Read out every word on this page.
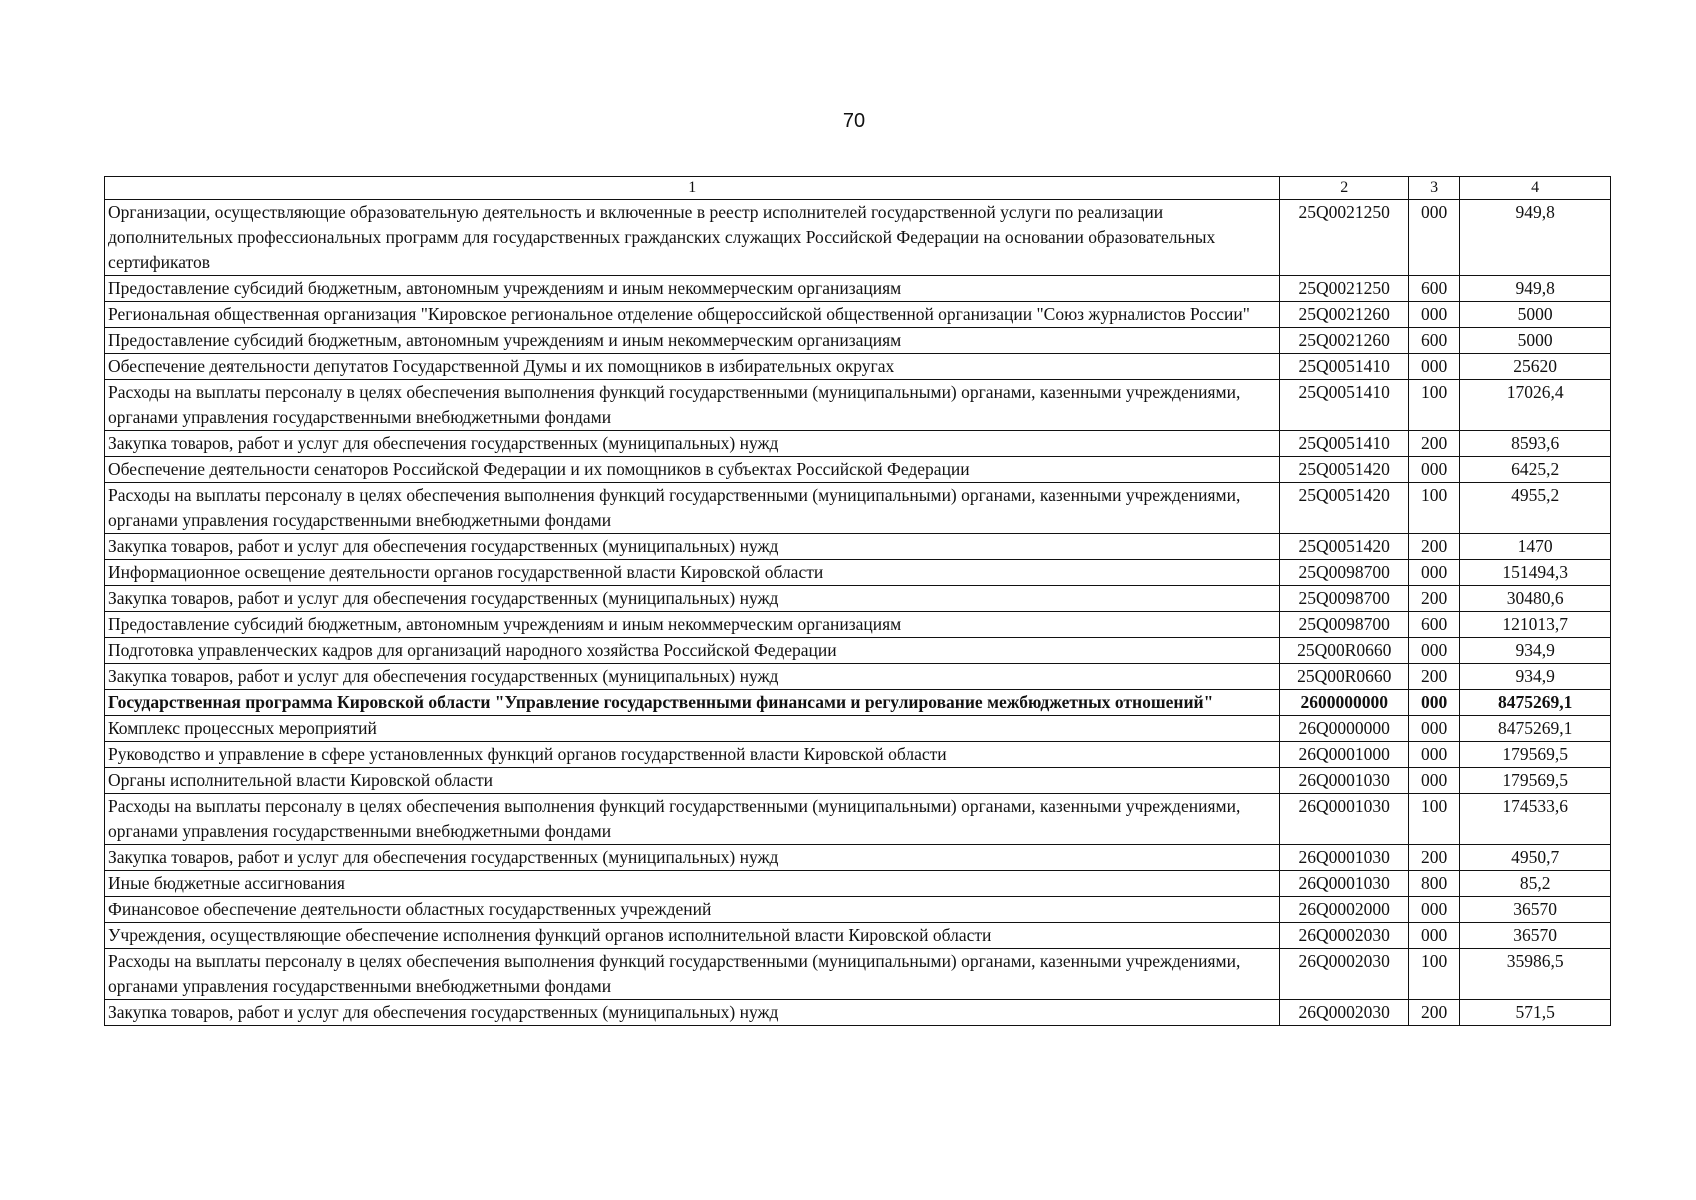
70
1	2	3	4
Организации, осуществляющие образовательную деятельность и включенные в реестр исполнителей государственной услуги по реализации дополнительных профессиональных программ для государственных гражданских служащих Российской Федерации на основании образовательных сертификатов	25Q0021250	000	949,8
Предоставление субсидий бюджетным, автономным учреждениям и иным некоммерческим организациям	25Q0021250	600	949,8
Региональная общественная организация "Кировское региональное отделение общероссийской общественной организации "Союз журналистов России"	25Q0021260	000	5000
Предоставление субсидий бюджетным, автономным учреждениям и иным некоммерческим организациям	25Q0021260	600	5000
Обеспечение деятельности депутатов Государственной Думы и их помощников в избирательных округах	25Q0051410	000	25620
Расходы на выплаты персоналу в целях обеспечения выполнения функций государственными (муниципальными) органами, казенными учреждениями, органами управления государственными внебюджетными фондами	25Q0051410	100	17026,4
Закупка товаров, работ и услуг для обеспечения государственных (муниципальных) нужд	25Q0051410	200	8593,6
Обеспечение деятельности сенаторов Российской Федерации и их помощников в субъектах Российской Федерации	25Q0051420	000	6425,2
Расходы на выплаты персоналу в целях обеспечения выполнения функций государственными (муниципальными) органами, казенными учреждениями, органами управления государственными внебюджетными фондами	25Q0051420	100	4955,2
Закупка товаров, работ и услуг для обеспечения государственных (муниципальных) нужд	25Q0051420	200	1470
Информационное освещение деятельности органов государственной власти Кировской области	25Q0098700	000	151494,3
Закупка товаров, работ и услуг для обеспечения государственных (муниципальных) нужд	25Q0098700	200	30480,6
Предоставление субсидий бюджетным, автономным учреждениям и иным некоммерческим организациям	25Q0098700	600	121013,7
Подготовка управленческих кадров для организаций народного хозяйства Российской Федерации	25Q00R0660	000	934,9
Закупка товаров, работ и услуг для обеспечения государственных (муниципальных) нужд	25Q00R0660	200	934,9
Государственная программа Кировской области "Управление государственными финансами и регулирование межбюджетных отношений"	2600000000	000	8475269,1
Комплекс процессных мероприятий	26Q0000000	000	8475269,1
Руководство и управление в сфере установленных функций органов государственной власти Кировской области	26Q0001000	000	179569,5
Органы исполнительной власти Кировской области	26Q0001030	000	179569,5
Расходы на выплаты персоналу в целях обеспечения выполнения функций государственными (муниципальными) органами, казенными учреждениями, органами управления государственными внебюджетными фондами	26Q0001030	100	174533,6
Закупка товаров, работ и услуг для обеспечения государственных (муниципальных) нужд	26Q0001030	200	4950,7
Иные бюджетные ассигнования	26Q0001030	800	85,2
Финансовое обеспечение деятельности областных государственных учреждений	26Q0002000	000	36570
Учреждения, осуществляющие обеспечение исполнения функций органов исполнительной власти Кировской области	26Q0002030	000	36570
Расходы на выплаты персоналу в целях обеспечения выполнения функций государственными (муниципальными) органами, казенными учреждениями, органами управления государственными внебюджетными фондами	26Q0002030	100	35986,5
Закупка товаров, работ и услуг для обеспечения государственных (муниципальных) нужд	26Q0002030	200	571,5
